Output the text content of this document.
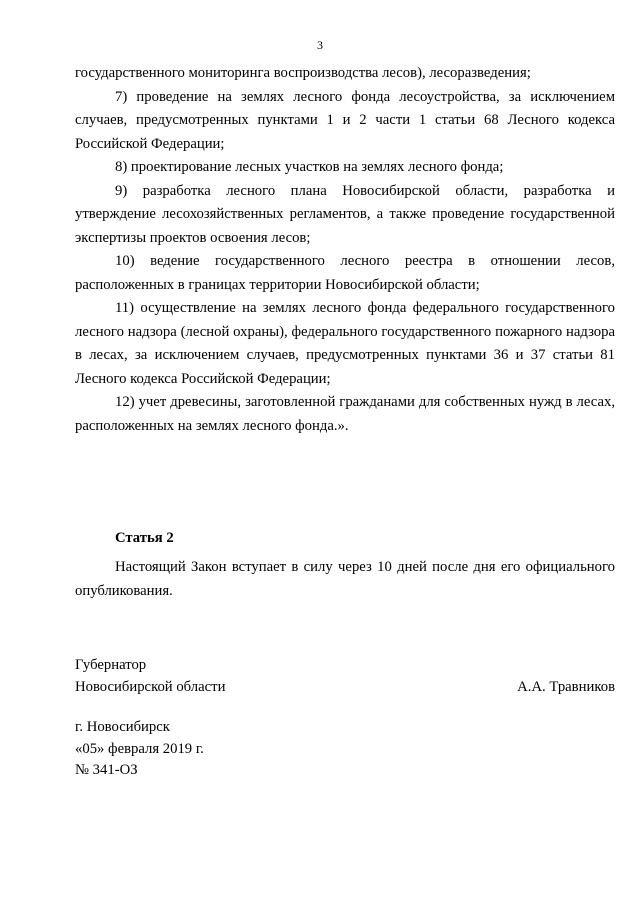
3

государственного мониторинга воспроизводства лесов), лесоразведения;

7) проведение на землях лесного фонда лесоустройства, за исключением случаев, предусмотренных пунктами 1 и 2 части 1 статьи 68 Лесного кодекса Российской Федерации;

8) проектирование лесных участков на землях лесного фонда;

9) разработка лесного плана Новосибирской области, разработка и утверждение лесохозяйственных регламентов, а также проведение государственной экспертизы проектов освоения лесов;

10) ведение государственного лесного реестра в отношении лесов, расположенных в границах территории Новосибирской области;

11) осуществление на землях лесного фонда федерального государственного лесного надзора (лесной охраны), федерального государственного пожарного надзора в лесах, за исключением случаев, предусмотренных пунктами 36 и 37 статьи 81 Лесного кодекса Российской Федерации;

12) учет древесины, заготовленной гражданами для собственных нужд в лесах, расположенных на землях лесного фонда.».

Статья 2

Настоящий Закон вступает в силу через 10 дней после дня его официального опубликования.

Губернатор
Новосибирской области	А.А. Травников
г. Новосибирск
«05» февраля 2019 г.
№ 341-ОЗ
